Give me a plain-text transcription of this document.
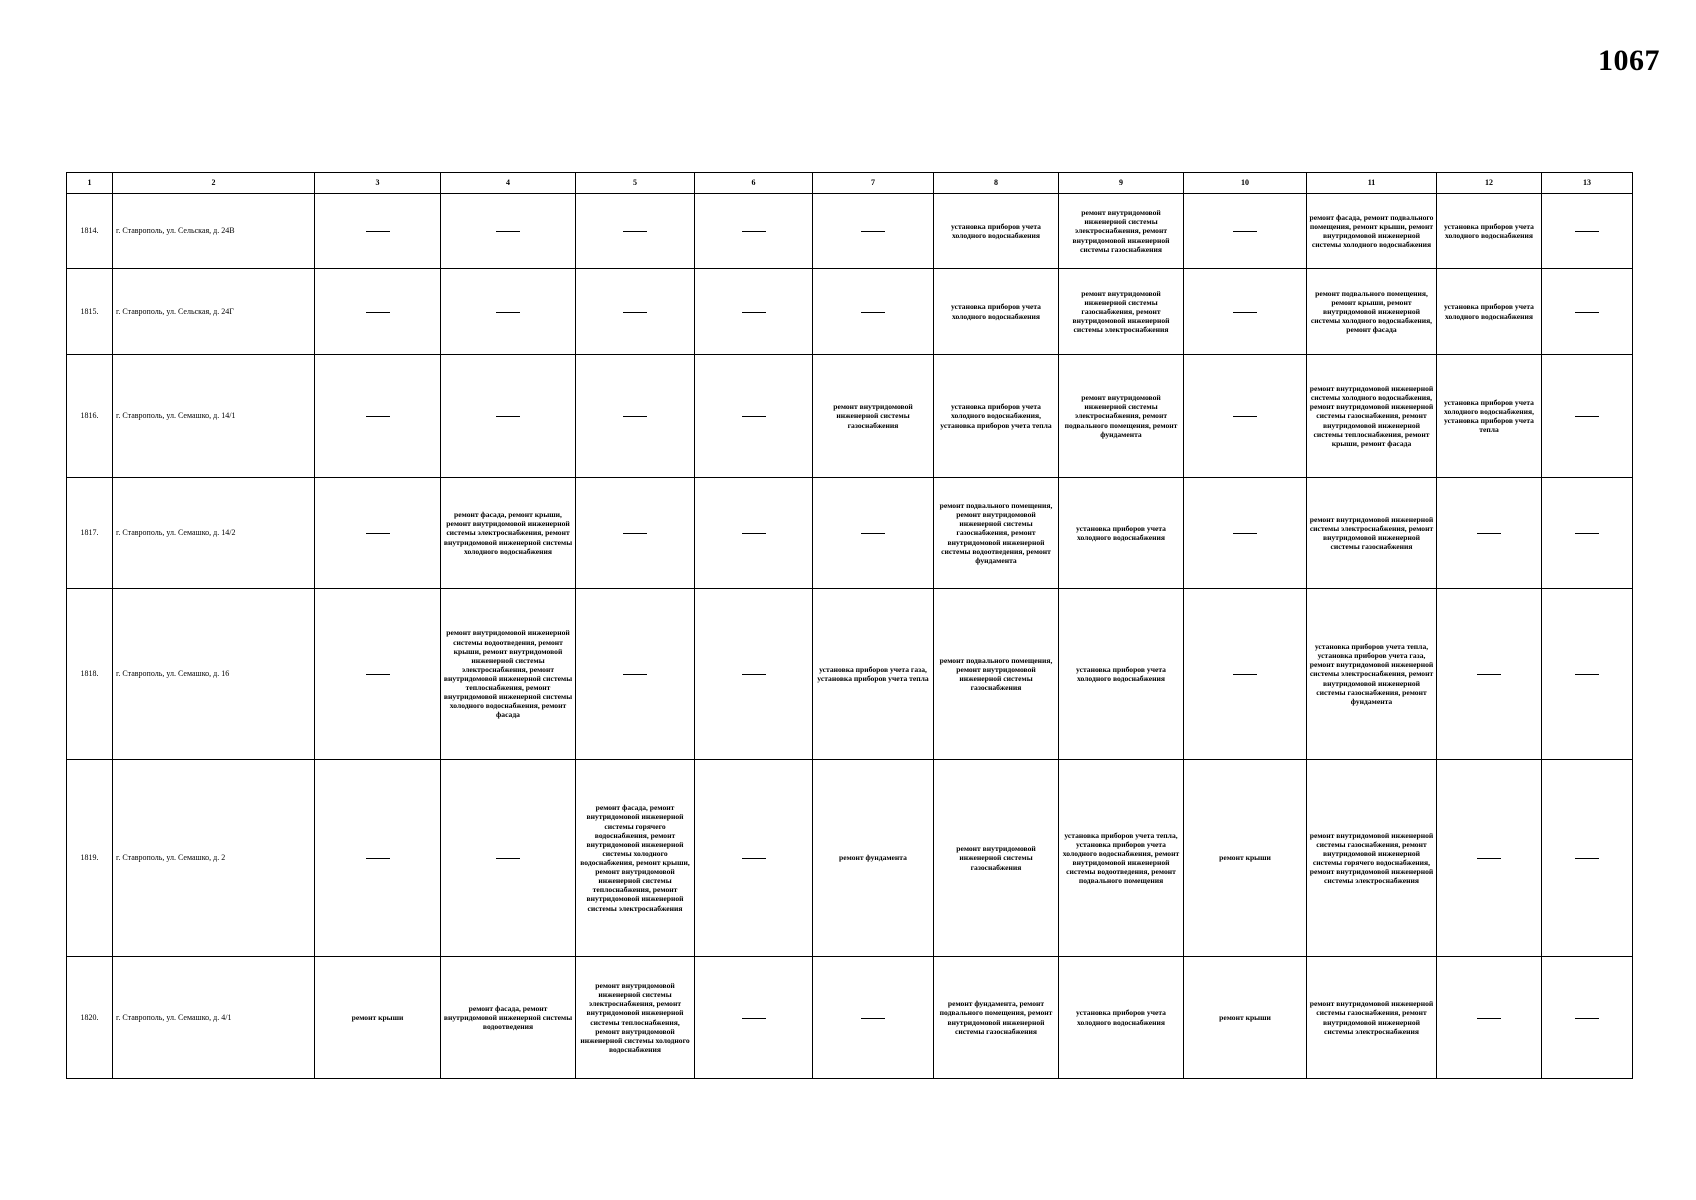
1067
1	2	3	4	5	6	7	8	9	10	11	12	13
1814.	г. Ставрополь, ул. Сельская, д. 24В						установка приборов учета холодного водоснабжения	ремонт внутридомовой инженерной системы электроснабжения, ремонт внутридомовой инженерной системы газоснабжения		ремонт фасада, ремонт подвального помещения, ремонт крыши, ремонт внутридомовой инженерной системы холодного водоснабжения	установка приборов учета холодного водоснабжения	
1815.	г. Ставрополь, ул. Сельская, д. 24Г						установка приборов учета холодного водоснабжения	ремонт внутридомовой инженерной системы газоснабжения, ремонт внутридомовой инженерной системы электроснабжения		ремонт подвального помещения, ремонт крыши, ремонт внутридомовой инженерной системы холодного водоснабжения, ремонт фасада	установка приборов учета холодного водоснабжения	
1816.	г. Ставрополь, ул. Семашко, д. 14/1					ремонт внутридомовой инженерной системы газоснабжения	установка приборов учета холодного водоснабжения, установка приборов учета тепла	ремонт внутридомовой инженерной системы электроснабжения, ремонт подвального помещения, ремонт фундамента		ремонт внутридомовой инженерной системы холодного водоснабжения, ремонт внутридомовой инженерной системы газоснабжения, ремонт внутридомовой инженерной системы теплоснабжения, ремонт крыши, ремонт фасада	установка приборов учета холодного водоснабжения, установка приборов учета тепла	
1817.	г. Ставрополь, ул. Семашко, д. 14/2		ремонт фасада, ремонт крыши, ремонт внутридомовой инженерной системы электроснабжения, ремонт внутридомовой инженерной системы холодного водоснабжения				ремонт подвального помещения, ремонт внутридомовой инженерной системы газоснабжения, ремонт внутридомовой инженерной системы водоотведения, ремонт фундамента	установка приборов учета холодного водоснабжения		ремонт внутридомовой инженерной системы электроснабжения, ремонт внутридомовой инженерной системы газоснабжения		
1818.	г. Ставрополь, ул. Семашко, д. 16		ремонт внутридомовой инженерной системы водоотведения, ремонт крыши, ремонт внутридомовой инженерной системы электроснабжения, ремонт внутридомовой инженерной системы теплоснабжения, ремонт внутридомовой инженерной системы холодного водоснабжения, ремонт фасада			установка приборов учета газа, установка приборов учета тепла	ремонт подвального помещения, ремонт внутридомовой инженерной системы газоснабжения	установка приборов учета холодного водоснабжения		установка приборов учета тепла, установка приборов учета газа, ремонт внутридомовой инженерной системы электроснабжения, ремонт внутридомовой инженерной системы газоснабжения, ремонт фундамента		
1819.	г. Ставрополь, ул. Семашко, д. 2			ремонт фасада, ремонт внутридомовой инженерной системы горячего водоснабжения, ремонт внутридомовой инженерной системы холодного водоснабжения, ремонт крыши, ремонт внутридомовой инженерной системы теплоснабжения, ремонт внутридомовой инженерной системы электроснабжения		ремонт фундамента	ремонт внутридомовой инженерной системы газоснабжения	установка приборов учета тепла, установка приборов учета холодного водоснабжения, ремонт внутридомовой инженерной системы водоотведения, ремонт подвального помещения	ремонт крыши	ремонт внутридомовой инженерной системы газоснабжения, ремонт внутридомовой инженерной системы горячего водоснабжения, ремонт внутридомовой инженерной системы электроснабжения		
1820.	г. Ставрополь, ул. Семашко, д. 4/1	ремонт крыши	ремонт фасада, ремонт внутридомовой инженерной системы водоотведения	ремонт внутридомовой инженерной системы электроснабжения, ремонт внутридомовой инженерной системы теплоснабжения, ремонт внутридомовой инженерной системы холодного водоснабжения			ремонт фундамента, ремонт подвального помещения, ремонт внутридомовой инженерной системы газоснабжения	установка приборов учета холодного водоснабжения	ремонт крыши	ремонт внутридомовой инженерной системы газоснабжения, ремонт внутридомовой инженерной системы электроснабжения		
